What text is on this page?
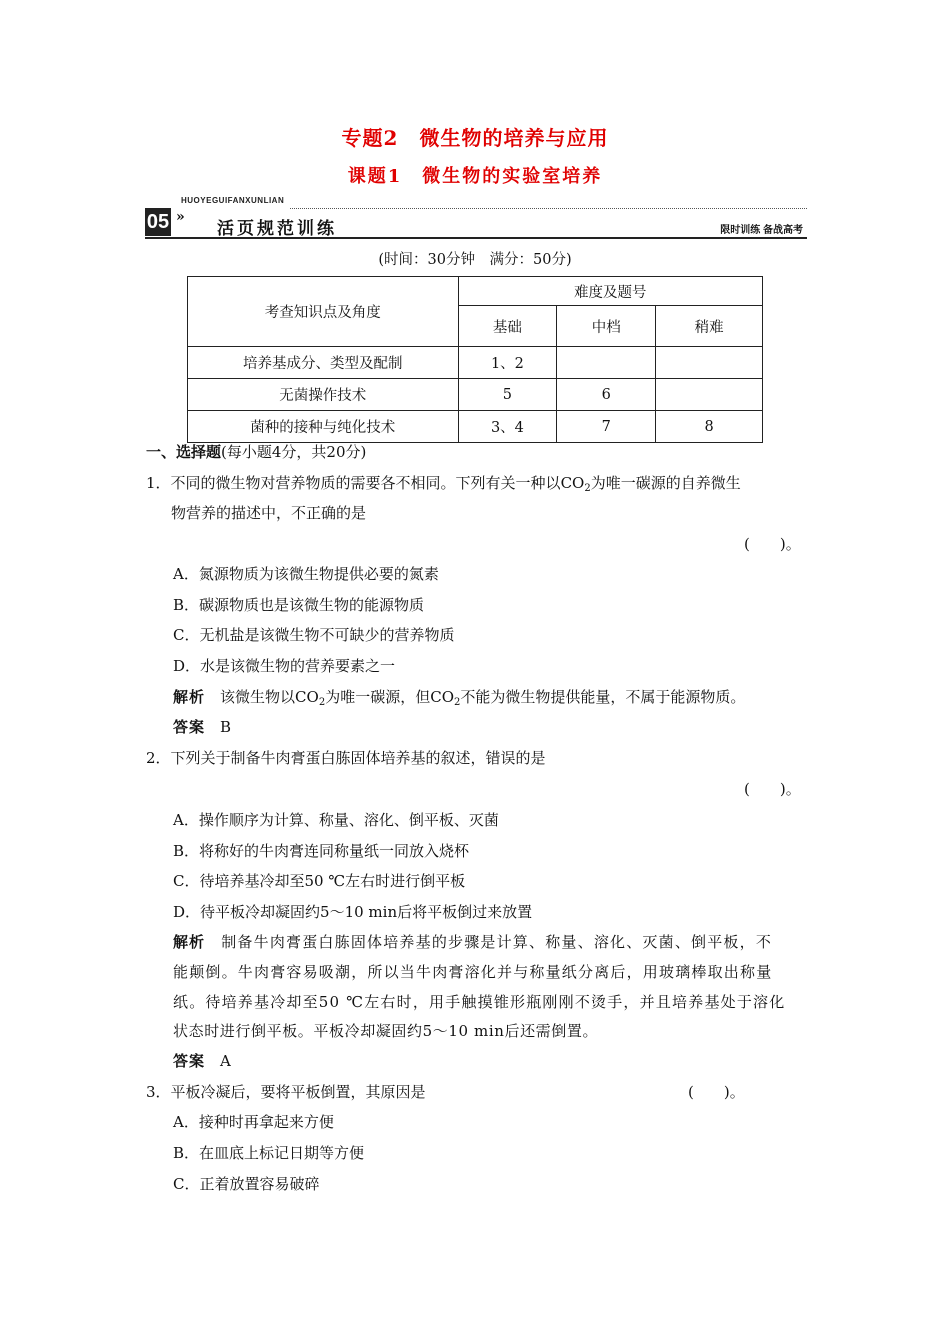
专题2　微生物的培养与应用
课题1　微生物的实验室培养
HUOYEGUIFANXUNLIAN
05 »
活页规范训练	限时训练 备战高考
(时间：30分钟　满分：50分)
考查知识点及角度	难度及题号		
	基础	中档	稍难
培养基成分、类型及配制	1、2		
无菌操作技术	5	6	
菌种的接种与纯化技术	3、4	7	8
一、选择题(每小题4分，共20分)
1．不同的微生物对营养物质的需要各不相同。下列有关一种以$CO_2$为唯一碳源的自养微生
物营养的描述中，不正确的是
(　　)。
A．氮源物质为该微生物提供必要的氮素
B．碳源物质也是该微生物的能源物质
C．无机盐是该微生物不可缺少的营养物质
D．水是该微生物的营养要素之一
解析　 该微生物以$CO_2$为唯一碳源，但$CO_2$不能为微生物提供能量，不属于能源物质。
答案　 B
2．下列关于制备牛肉膏蛋白胨固体培养基的叙述，错误的是
(　　)。
A．操作顺序为计算、称量、溶化、倒平板、灭菌
B．将称好的牛肉膏连同称量纸一同放入烧杯
C．待培养基冷却至50 ℃左右时进行倒平板
D．待平板冷却凝固约5～10 min后将平板倒过来放置
解析　 制备牛肉膏蛋白胨固体培养基的步骤是计算、称量、溶化、灭菌、倒平板，不
能颠倒。牛肉膏容易吸潮，所以当牛肉膏溶化并与称量纸分离后，用玻璃棒取出称量
纸。待培养基冷却至50 ℃左右时，用手触摸锥形瓶刚刚不烫手，并且培养基处于溶化
状态时进行倒平板。平板冷却凝固约5～10 min后还需倒置。
答案　 A
3．平板冷凝后，要将平板倒置，其原因是	(　　)。
A．接种时再拿起来方便
B．在皿底上标记日期等方便
C．正着放置容易破碎
